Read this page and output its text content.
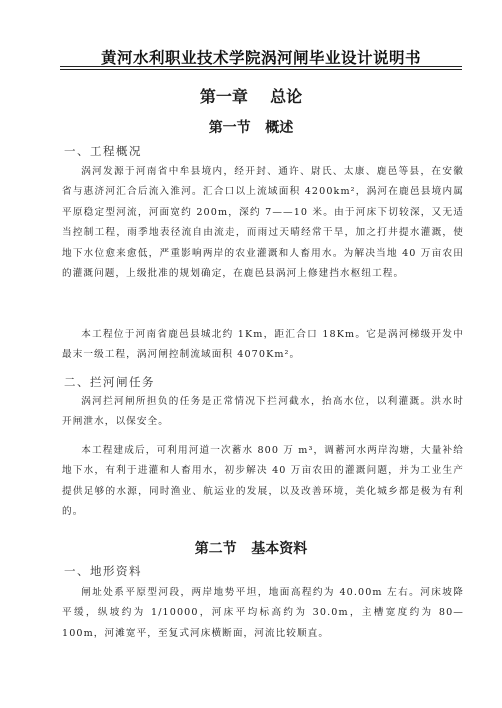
黄河水利职业技术学院涡河闸毕业设计说明书
第一章    总论
第一节   概述
一、工程概况

涡河发源于河南省中牟县境内，经开封、通许、尉氏、太康、鹿邑等县，在安徽省与惠济河汇合后流入淮河。汇合口以上流域面积 4200km²，涡河在鹿邑县境内属平原稳定型河流，河面宽约 200m，深约 7——10 米。由于河床下切较深，又无适当控制工程，雨季地表径流自由流走，而雨过天晴经常干旱，加之打井提水灌溉，使地下水位愈来愈低，严重影响两岸的农业灌溉和人畜用水。为解决当地 40 万亩农田的灌溉问题，上级批准的规划确定，在鹿邑县涡河上修建挡水枢纽工程。

本工程位于河南省鹿邑县城北约 1Km，距汇合口 18Km。它是涡河梯级开发中最末一级工程，涡河闸控制流域面积 4070Km²。

二、拦河闸任务

涡河拦河闸所担负的任务是正常情况下拦河截水，抬高水位，以利灌溉。洪水时开闸泄水，以保安全。

本工程建成后，可利用河道一次蓄水 800 万 m³，调蓄河水两岸沟塘，大量补给地下水，有利于进灌和人畜用水，初步解决 40 万亩农田的灌溉问题，并为工业生产提供足够的水源，同时渔业、航运业的发展，以及改善环境，美化城乡都是极为有利的。

第二节   基本资料
一、地形资料

闸址处系平原型河段，两岸地势平坦，地面高程约为 40.00m 左右。河床坡降平缓，纵坡约为 1/10000，河床平均标高约为 30.0m，主槽宽度约为 80—100m，河滩宽平，至复式河床横断面，河流比较顺直。
